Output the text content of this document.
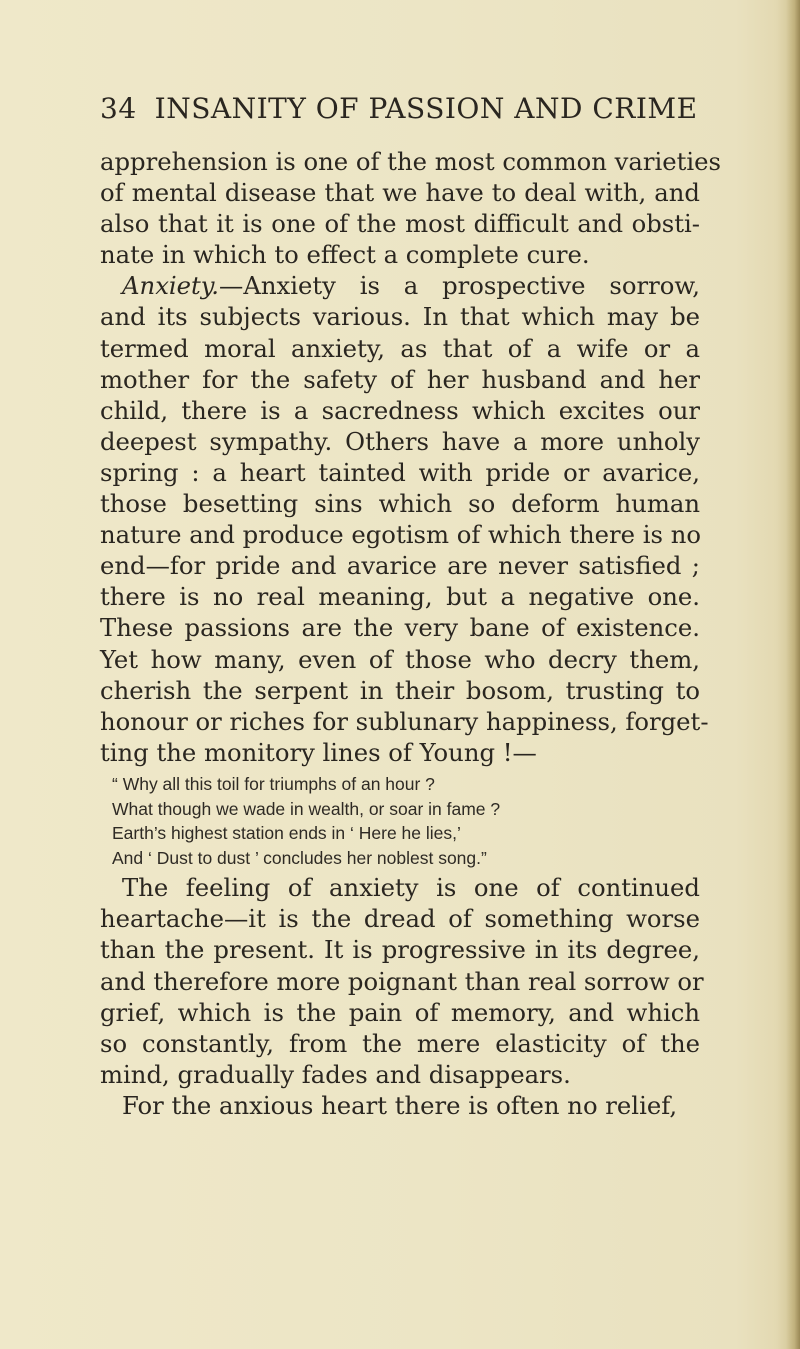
34 INSANITY OF PASSION AND CRIME
apprehension is one of the most common varieties
of mental disease that we have to deal with, and
also that it is one of the most difficult and obsti-
nate in which to effect a complete cure.
Anxiety.—Anxiety is a prospective sorrow,
and its subjects various. In that which may be
termed moral anxiety, as that of a wife or a
mother for the safety of her husband and her
child, there is a sacredness which excites our
deepest sympathy. Others have a more unholy
spring : a heart tainted with pride or avarice,
those besetting sins which so deform human
nature and produce egotism of which there is no
end—for pride and avarice are never satisfied ;
there is no real meaning, but a negative one.
These passions are the very bane of existence.
Yet how many, even of those who decry them,
cherish the serpent in their bosom, trusting to
honour or riches for sublunary happiness, forget-
ting the monitory lines of Young !—
“ Why all this toil for triumphs of an hour ?
What though we wade in wealth, or soar in fame ?
Earth’s highest station ends in ‘ Here he lies,’
And ‘ Dust to dust ’ concludes her noblest song.”
The feeling of anxiety is one of continued
heartache—it is the dread of something worse
than the present. It is progressive in its degree,
and therefore more poignant than real sorrow or
grief, which is the pain of memory, and which
so constantly, from the mere elasticity of the
mind, gradually fades and disappears.
For the anxious heart there is often no relief,
